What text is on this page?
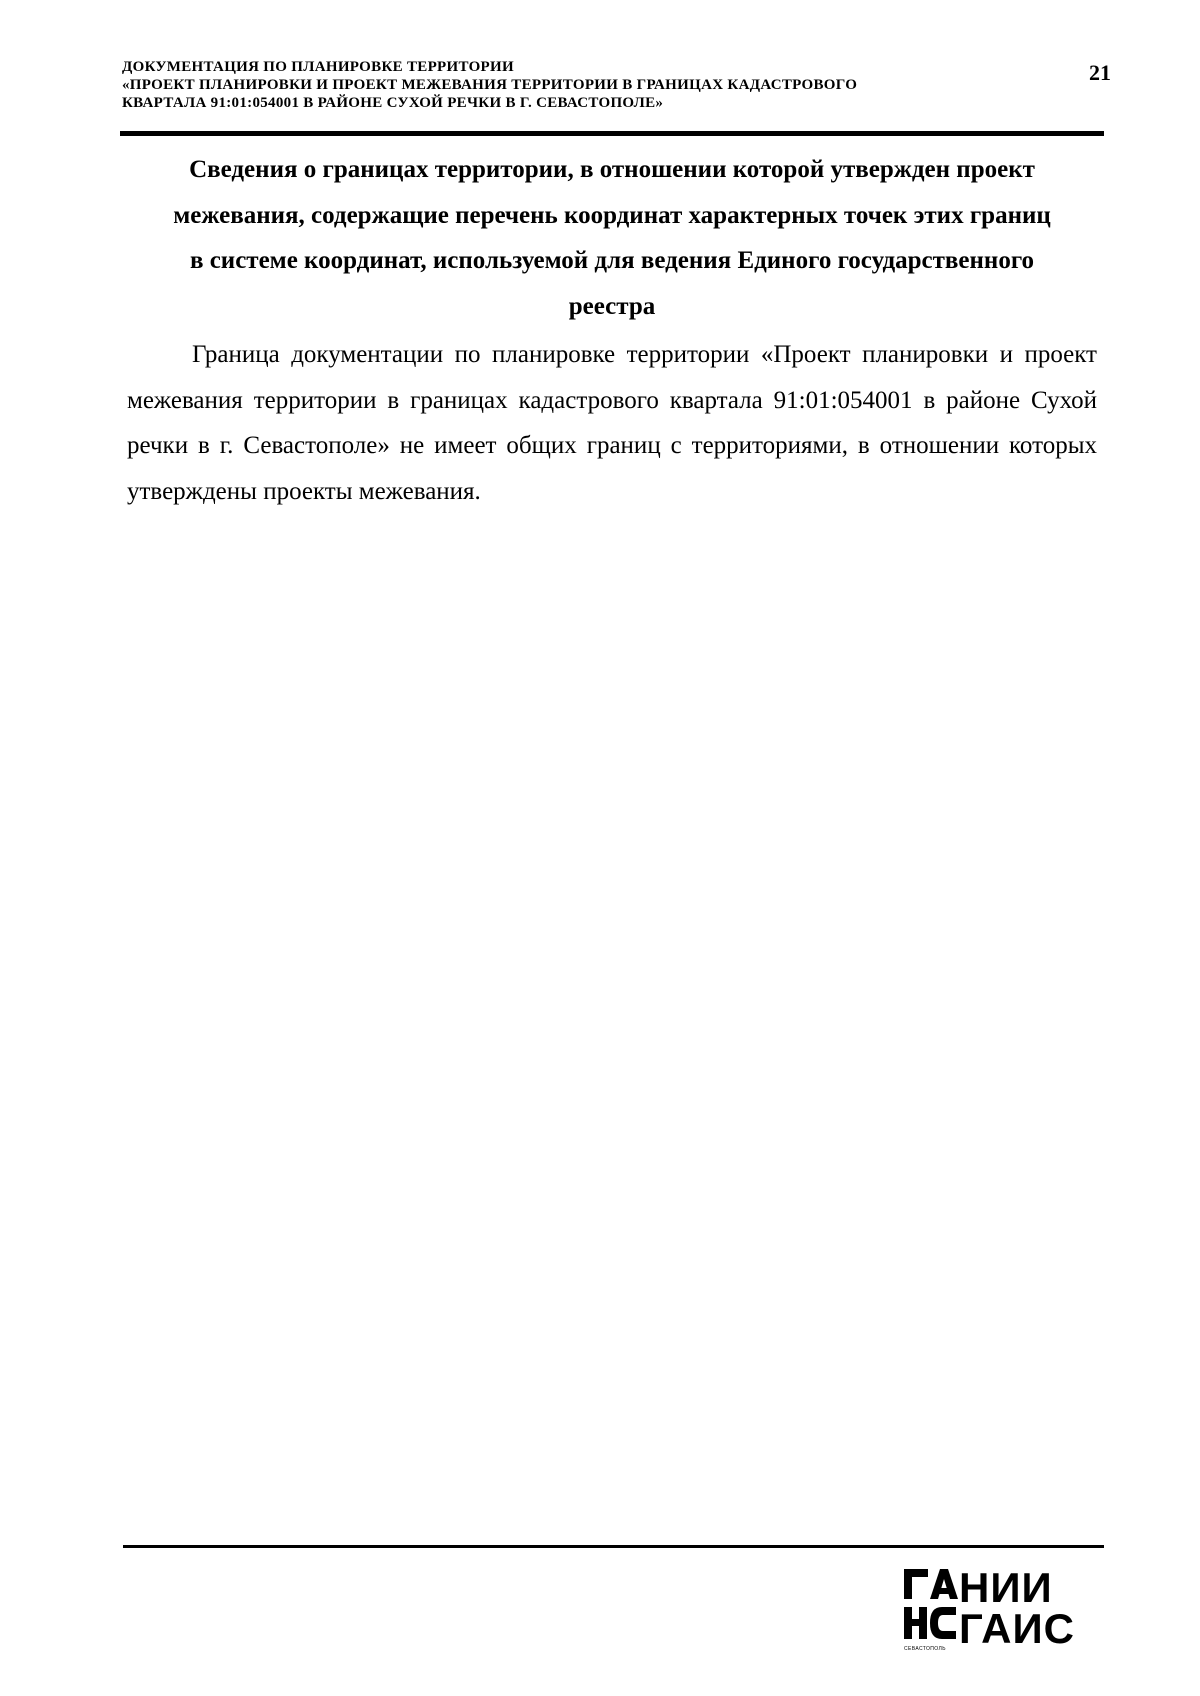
ДОКУМЕНТАЦИЯ ПО ПЛАНИРОВКЕ ТЕРРИТОРИИ
«ПРОЕКТ ПЛАНИРОВКИ И ПРОЕКТ МЕЖЕВАНИЯ ТЕРРИТОРИИ В ГРАНИЦАХ КАДАСТРОВОГО
КВАРТАЛА 91:01:054001 В РАЙОНЕ СУХОЙ РЕЧКИ В Г. СЕВАСТОПОЛЕ»
21
Сведения о границах территории, в отношении которой утвержден проект
межевания, содержащие перечень координат характерных точек этих границ
в системе координат, используемой для ведения Единого государственного
реестра

Граница документации по планировке территории «Проект планировки и проект межевания территории в границах кадастрового квартала 91:01:054001 в районе Сухой речки в г. Севастополе» не имеет общих границ с территориями, в отношении которых утверждены проекты межевания.

НИИ
ГАИС
СЕВАСТОПОЛЬ
